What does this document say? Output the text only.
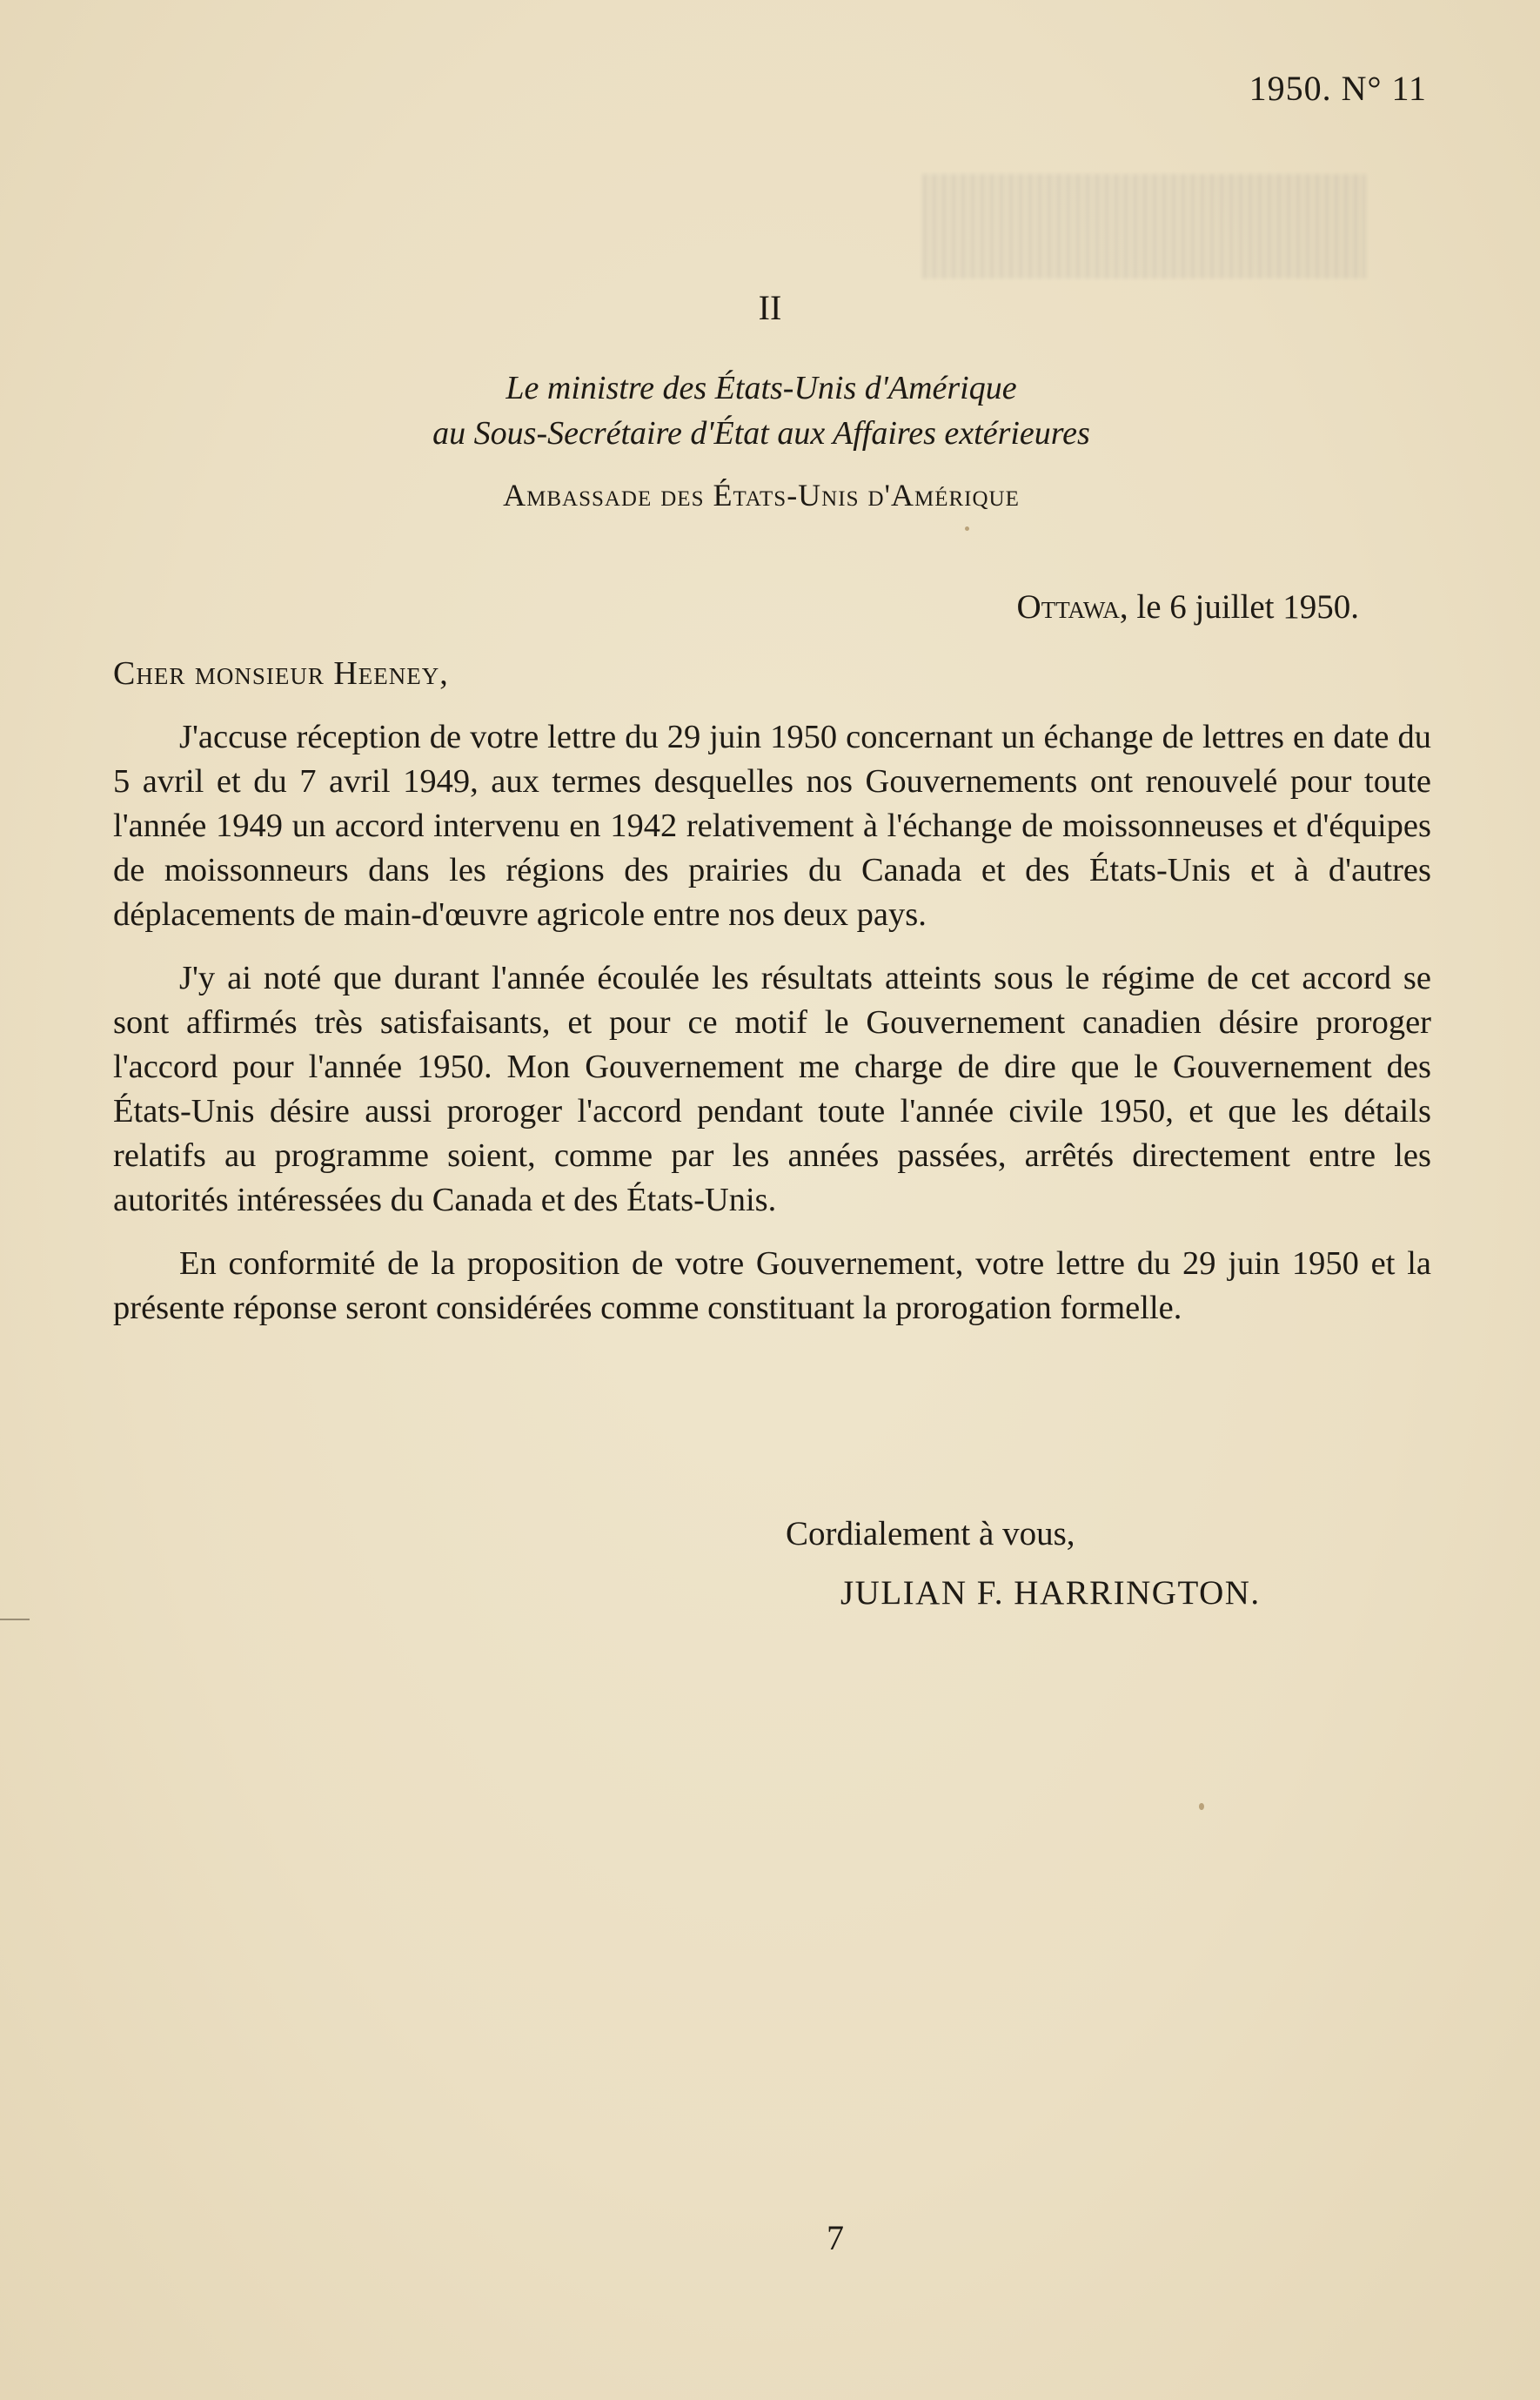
1950. N° 11
II
Le ministre des États-Unis d'Amérique
au Sous-Secrétaire d'État aux Affaires extérieures
Ambassade des États-Unis d'Amérique
Ottawa, le 6 juillet 1950.
Cher monsieur Heeney,

J'accuse réception de votre lettre du 29 juin 1950 concernant un échange de lettres en date du 5 avril et du 7 avril 1949, aux termes desquelles nos Gouvernements ont renouvelé pour toute l'année 1949 un accord intervenu en 1942 relativement à l'échange de moissonneuses et d'équipes de moissonneurs dans les régions des prairies du Canada et des États-Unis et à d'autres déplacements de main-d'œuvre agricole entre nos deux pays.

J'y ai noté que durant l'année écoulée les résultats atteints sous le régime de cet accord se sont affirmés très satisfaisants, et pour ce motif le Gouvernement canadien désire proroger l'accord pour l'année 1950. Mon Gouvernement me charge de dire que le Gouvernement des États-Unis désire aussi proroger l'accord pendant toute l'année civile 1950, et que les détails relatifs au programme soient, comme par les années passées, arrêtés directement entre les autorités intéressées du Canada et des États-Unis.

En conformité de la proposition de votre Gouvernement, votre lettre du 29 juin 1950 et la présente réponse seront considérées comme constituant la prorogation formelle.

Cordialement à vous,
JULIAN F. HARRINGTON.
7
